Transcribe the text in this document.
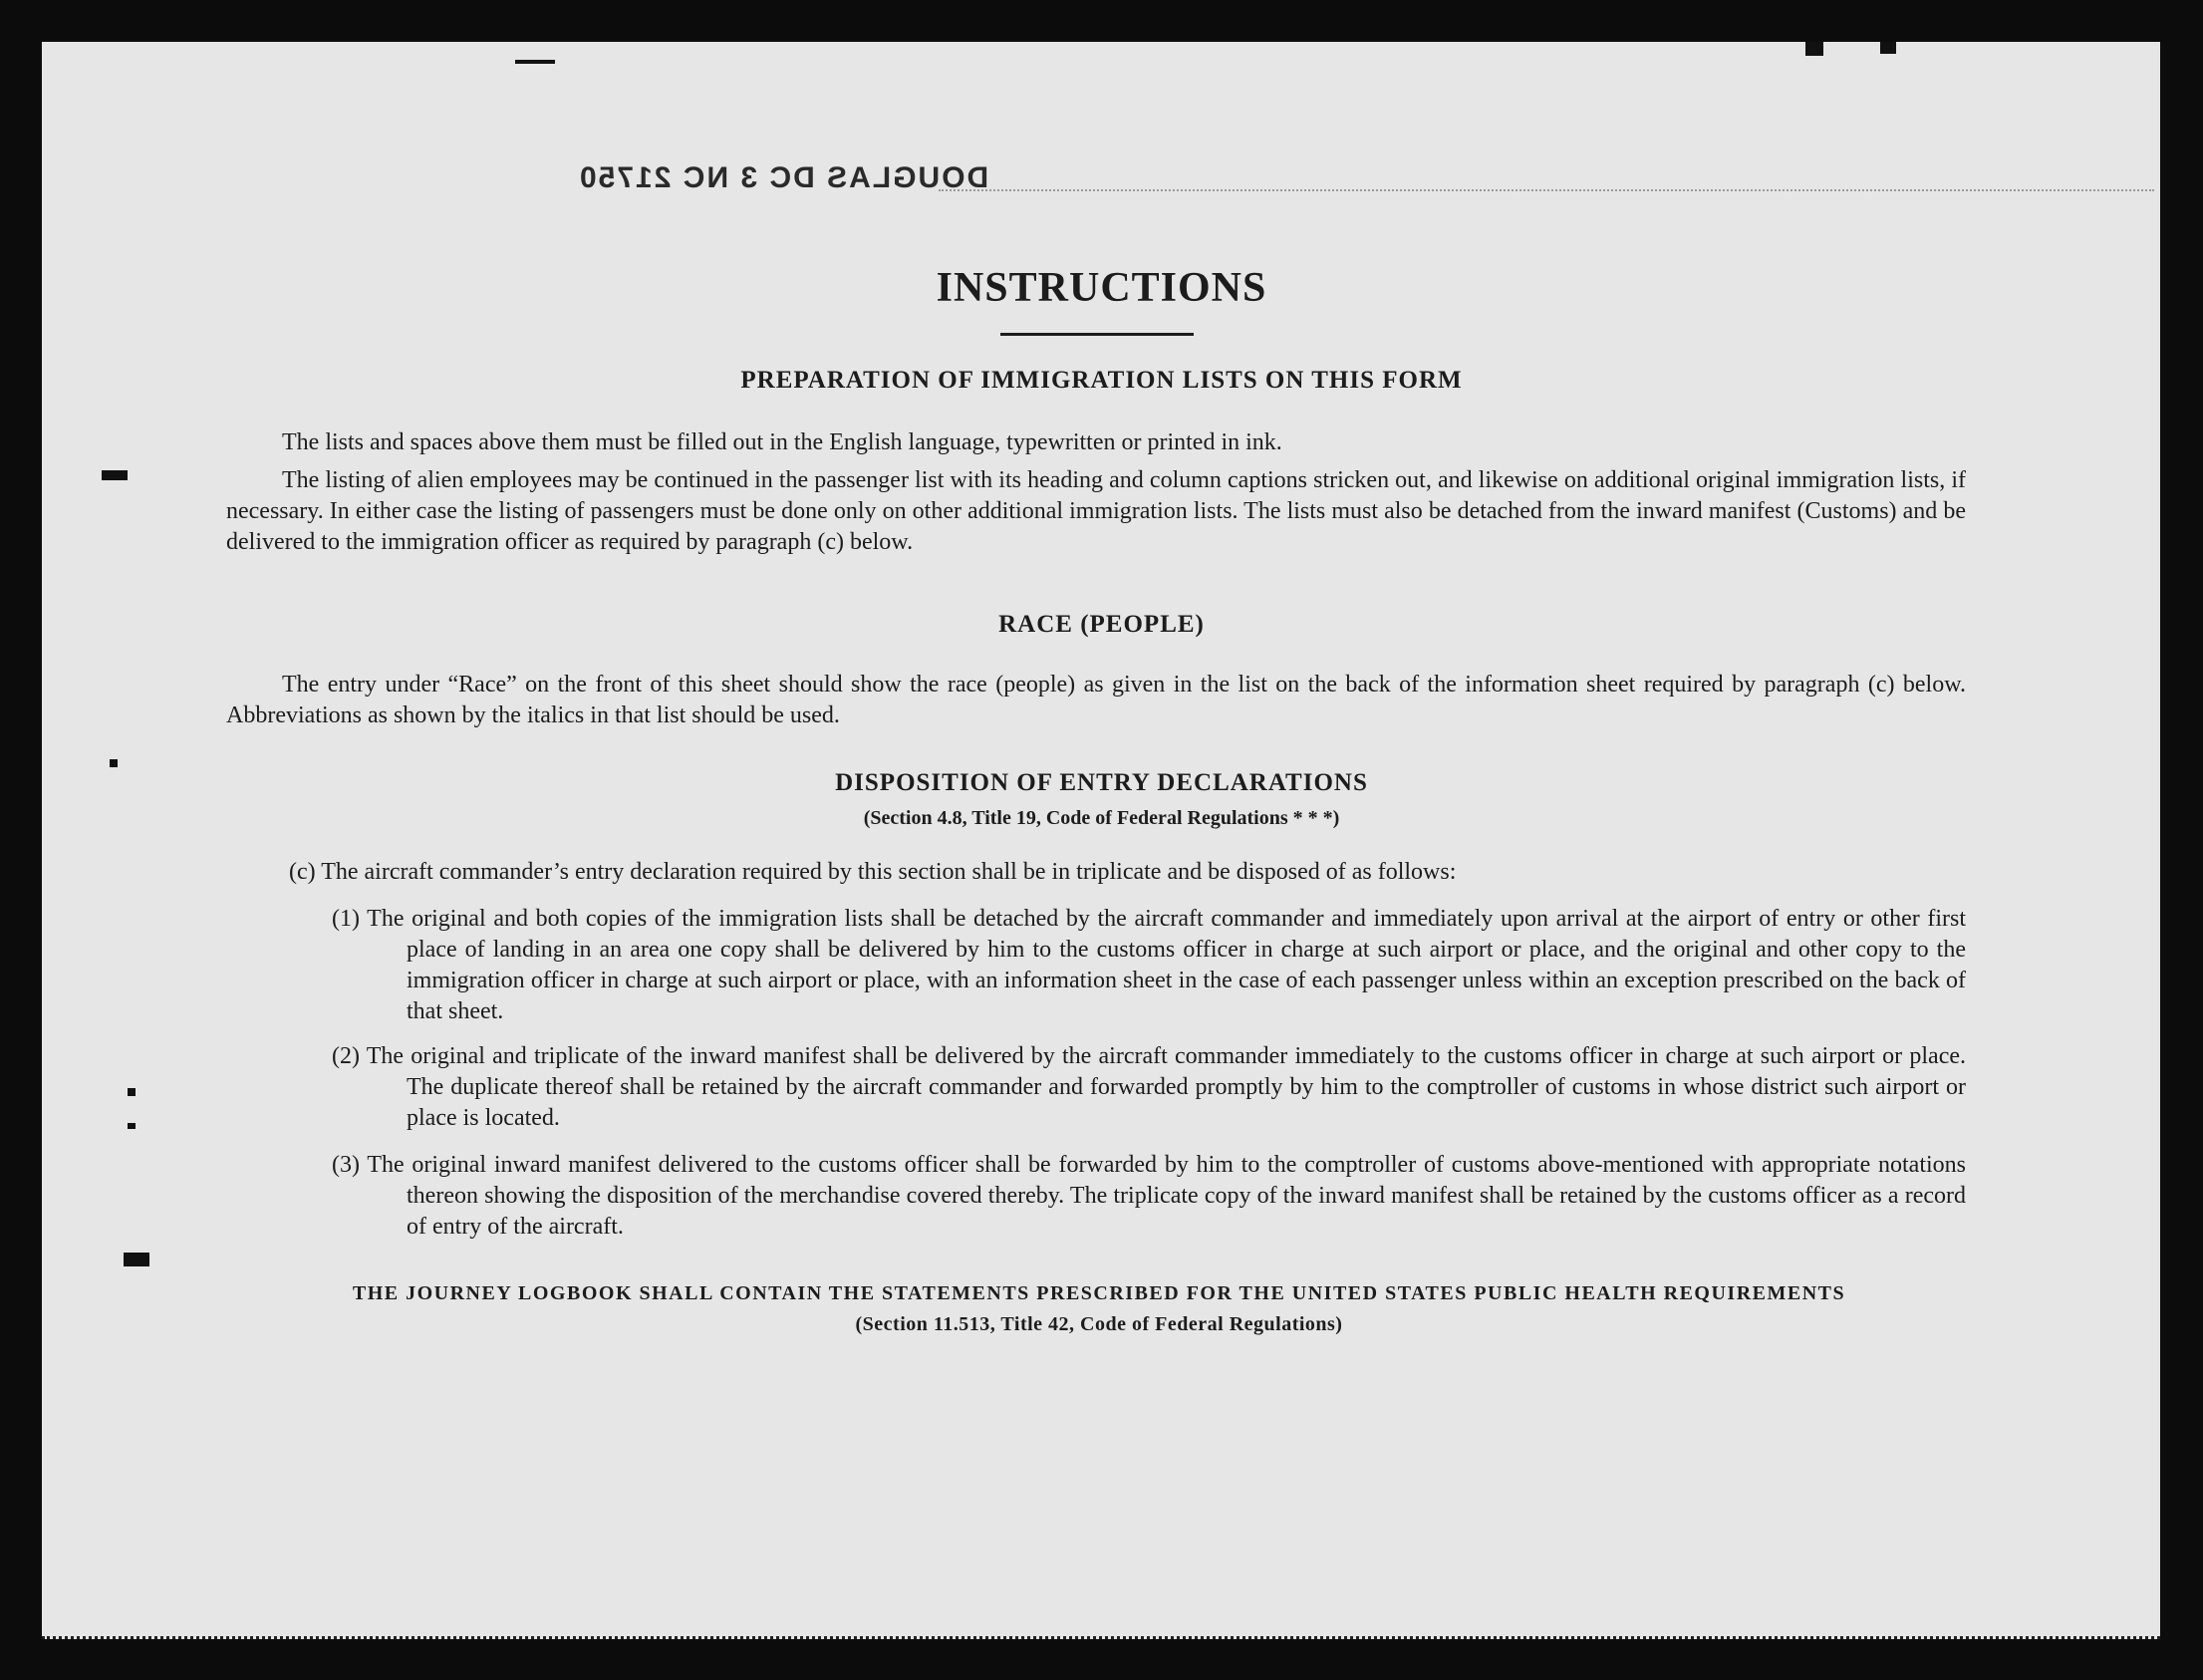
DOUGLAS DC 3 NC 21750
INSTRUCTIONS
PREPARATION OF IMMIGRATION LISTS ON THIS FORM
The lists and spaces above them must be filled out in the English language, typewritten or printed in ink.
The listing of alien employees may be continued in the passenger list with its heading and column captions stricken out, and likewise on additional original immigration lists, if necessary. In either case the listing of passengers must be done only on other additional immigration lists. The lists must also be detached from the inward manifest (Customs) and be delivered to the immigration officer as required by paragraph (c) below.
RACE (PEOPLE)
The entry under “Race” on the front of this sheet should show the race (people) as given in the list on the back of the information sheet required by paragraph (c) below. Abbreviations as shown by the italics in that list should be used.
DISPOSITION OF ENTRY DECLARATIONS
(Section 4.8, Title 19, Code of Federal Regulations * * *)
(c) The aircraft commander’s entry declaration required by this section shall be in triplicate and be disposed of as follows:
(1) The original and both copies of the immigration lists shall be detached by the aircraft commander and immediately upon arrival at the airport of entry or other first place of landing in an area one copy shall be delivered by him to the customs officer in charge at such airport or place, and the original and other copy to the immigration officer in charge at such airport or place, with an information sheet in the case of each passenger unless within an exception prescribed on the back of that sheet.
(2) The original and triplicate of the inward manifest shall be delivered by the aircraft commander immediately to the customs officer in charge at such airport or place. The duplicate thereof shall be retained by the aircraft commander and forwarded promptly by him to the comptroller of customs in whose district such airport or place is located.
(3) The original inward manifest delivered to the customs officer shall be forwarded by him to the comptroller of customs above-mentioned with appropriate notations thereon showing the disposition of the merchandise covered thereby. The triplicate copy of the inward manifest shall be retained by the customs officer as a record of entry of the aircraft.
THE JOURNEY LOGBOOK SHALL CONTAIN THE STATEMENTS PRESCRIBED FOR THE UNITED STATES PUBLIC HEALTH REQUIREMENTS
(Section 11.513, Title 42, Code of Federal Regulations)
